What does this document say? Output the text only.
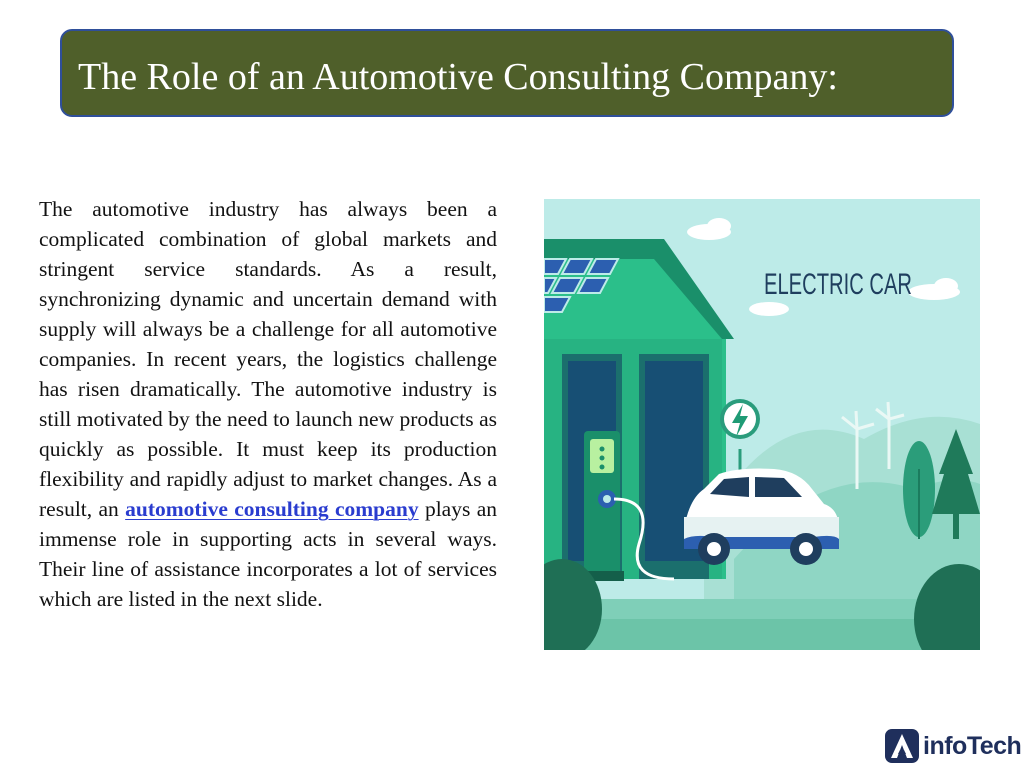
The Role of an Automotive Consulting Company:
The automotive industry has always been a complicated combination of global markets and stringent service standards. As a result, synchronizing dynamic and uncertain demand with supply will always be a challenge for all automotive companies. In recent years, the logistics challenge has risen dramatically. The automotive industry is still motivated by the need to launch new products as quickly as possible. It must keep its production flexibility and rapidly adjust to market changes. As a result, an automotive consulting company plays an immense role in supporting acts in several ways. Their line of assistance incorporates a lot of services which are listed in the next slide.
ELECTRIC CAR
infoTech
